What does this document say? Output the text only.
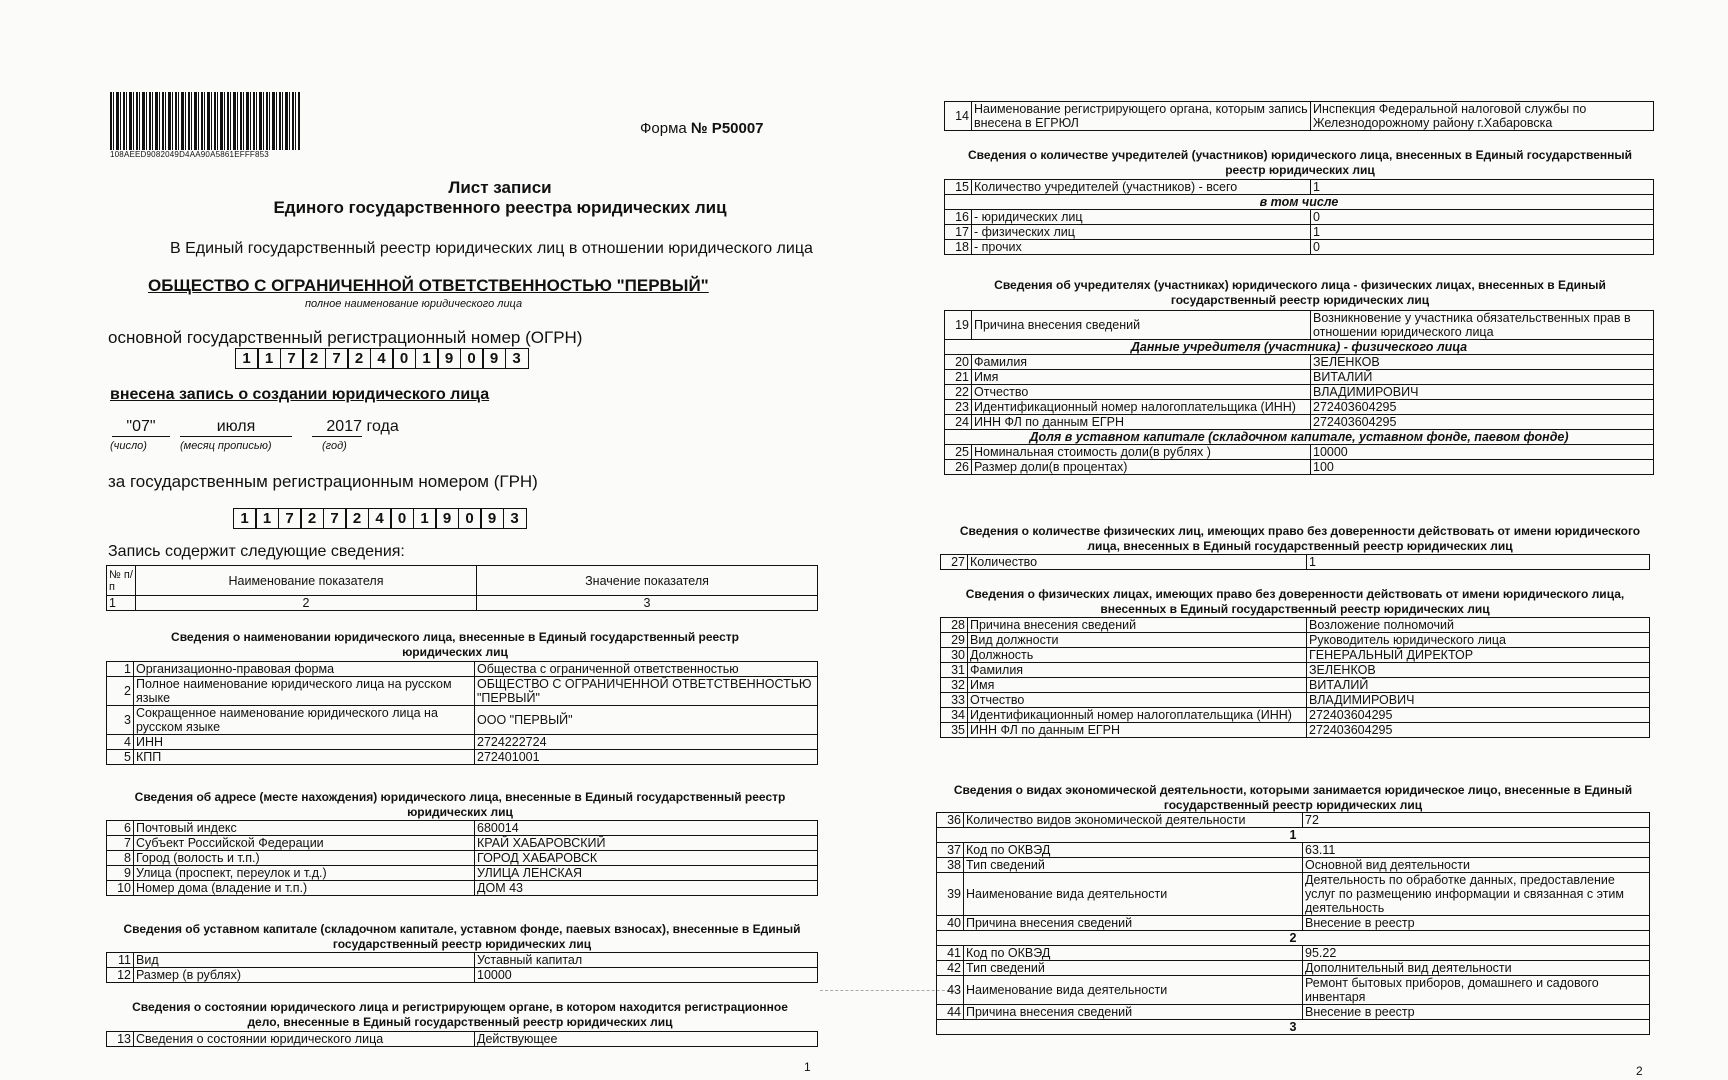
108AEED9082049D4AA90A5861EFFF853
Форма № Р50007
Лист записи
Единого государственного реестра юридических лиц
В Единый государственный реестр юридических лиц в отношении юридического лица
ОБЩЕСТВО С ОГРАНИЧЕННОЙ ОТВЕТСТВЕННОСТЬЮ "ПЕРВЫЙ"
полное наименование юридического лица
основной государственный регистрационный номер (ОГРН)
1 1 7 2 7 2 4 0 1 9 0 9 3
внесена запись о создании юридического лица
"07"	июля	2017 года
(число)	(месяц прописью)	(год)
за государственным регистрационным номером (ГРН)
1 1 7 2 7 2 4 0 1 9 0 9 3
Запись содержит следующие сведения:
№ п/п	Наименование показателя	Значение показателя
1	2	3
Сведения о наименовании юридического лица, внесенные в Единый государственный реестр юридических лиц
1	Организационно-правовая форма	Общества с ограниченной ответственностью
2	Полное наименование юридического лица на русском языке	ОБЩЕСТВО С ОГРАНИЧЕННОЙ ОТВЕТСТВЕННОСТЬЮ "ПЕРВЫЙ"
3	Сокращенное наименование юридического лица на русском языке	ООО "ПЕРВЫЙ"
4	ИНН	2724222724
5	КПП	272401001
Сведения об адресе (месте нахождения) юридического лица, внесенные в Единый государственный реестр юридических лиц
6	Почтовый индекс	680014
7	Субъект Российской Федерации	КРАЙ ХАБАРОВСКИЙ
8	Город (волость и т.п.)	ГОРОД ХАБАРОВСК
9	Улица (проспект, переулок и т.д.)	УЛИЦА ЛЕНСКАЯ
10	Номер дома (владение и т.п.)	ДОМ 43
Сведения об уставном капитале (складочном капитале, уставном фонде, паевых взносах), внесенные в Единый государственный реестр юридических лиц
11	Вид	Уставный капитал
12	Размер (в рублях)	10000
Сведения о состоянии юридического лица и регистрирующем органе, в котором находится регистрационное дело, внесенные в Единый государственный реестр юридических лиц
13	Сведения о состоянии юридического лица	Действующее
1
14	Наименование регистрирующего органа, которым запись внесена в ЕГРЮЛ	Инспекция Федеральной налоговой службы по Железнодорожному району г.Хабаровска
Сведения о количестве учредителей (участников) юридического лица, внесенных в Единый государственный реестр юридических лиц
15	Количество учредителей (участников) - всего	1
в том числе		
16	- юридических лиц	0
17	- физических лиц	1
18	- прочих	0
Сведения об учредителях (участниках) юридического лица - физических лицах, внесенных в Единый государственный реестр юридических лиц
19	Причина внесения сведений	Возникновение у участника обязательственных прав в отношении юридического лица
Данные учредителя (участника) - физического лица		
20	Фамилия	ЗЕЛЕНКОВ
21	Имя	ВИТАЛИЙ
22	Отчество	ВЛАДИМИРОВИЧ
23	Идентификационный номер налогоплательщика (ИНН)	272403604295
24	ИНН ФЛ по данным ЕГРН	272403604295
Доля в уставном капитале (складочном капитале, уставном фонде, паевом фонде)		
25	Номинальная стоимость доли(в рублях )	10000
26	Размер доли(в процентах)	100
Сведения о количестве физических лиц, имеющих право без доверенности действовать от имени юридического лица, внесенных в Единый государственный реестр юридических лиц
27	Количество	1
Сведения о физических лицах, имеющих право без доверенности действовать от имени юридического лица, внесенных в Единый государственный реестр юридических лиц
28	Причина внесения сведений	Возложение полномочий
29	Вид должности	Руководитель юридического лица
30	Должность	ГЕНЕРАЛЬНЫЙ ДИРЕКТОР
31	Фамилия	ЗЕЛЕНКОВ
32	Имя	ВИТАЛИЙ
33	Отчество	ВЛАДИМИРОВИЧ
34	Идентификационный номер налогоплательщика (ИНН)	272403604295
35	ИНН ФЛ по данным ЕГРН	272403604295
Сведения о видах экономической деятельности, которыми занимается юридическое лицо, внесенные в Единый государственный реестр юридических лиц
36	Количество видов экономической деятельности	72
1		
37	Код по ОКВЭД	63.11
38	Тип сведений	Основной вид деятельности
39	Наименование вида деятельности	Деятельность по обработке данных, предоставление услуг по размещению информации и связанная с этим деятельность
40	Причина внесения сведений	Внесение в реестр
2		
41	Код по ОКВЭД	95.22
42	Тип сведений	Дополнительный вид деятельности
43	Наименование вида деятельности	Ремонт бытовых приборов, домашнего и садового инвентаря
44	Причина внесения сведений	Внесение в реестр
3		
2
